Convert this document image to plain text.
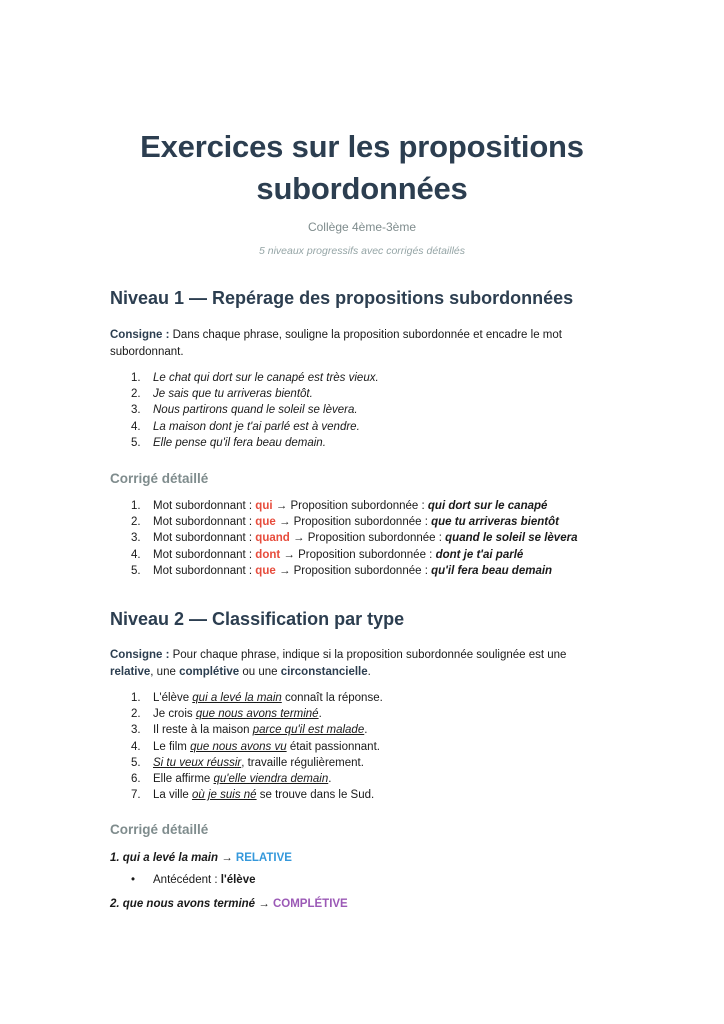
Exercices sur les propositions
subordonnées
Collège 4ème-3ème
5 niveaux progressifs avec corrigés détaillés
Niveau 1 — Repérage des propositions subordonnées
Consigne : Dans chaque phrase, souligne la proposition subordonnée et encadre le mot subordonnant.
1. Le chat qui dort sur le canapé est très vieux.
2. Je sais que tu arriveras bientôt.
3. Nous partirons quand le soleil se lèvera.
4. La maison dont je t'ai parlé est à vendre.
5. Elle pense qu'il fera beau demain.
Corrigé détaillé
1. Mot subordonnant : qui → Proposition subordonnée : qui dort sur le canapé
2. Mot subordonnant : que → Proposition subordonnée : que tu arriveras bientôt
3. Mot subordonnant : quand → Proposition subordonnée : quand le soleil se lèvera
4. Mot subordonnant : dont → Proposition subordonnée : dont je t'ai parlé
5. Mot subordonnant : que → Proposition subordonnée : qu'il fera beau demain
Niveau 2 — Classification par type
Consigne : Pour chaque phrase, indique si la proposition subordonnée soulignée est une relative, une complétive ou une circonstancielle.
1. L'élève qui a levé la main connaît la réponse.
2. Je crois que nous avons terminé.
3. Il reste à la maison parce qu'il est malade.
4. Le film que nous avons vu était passionnant.
5. Si tu veux réussir, travaille régulièrement.
6. Elle affirme qu'elle viendra demain.
7. La ville où je suis né se trouve dans le Sud.
Corrigé détaillé
1. qui a levé la main → RELATIVE
• Antécédent : l'élève
2. que nous avons terminé → COMPLÉTIVE
